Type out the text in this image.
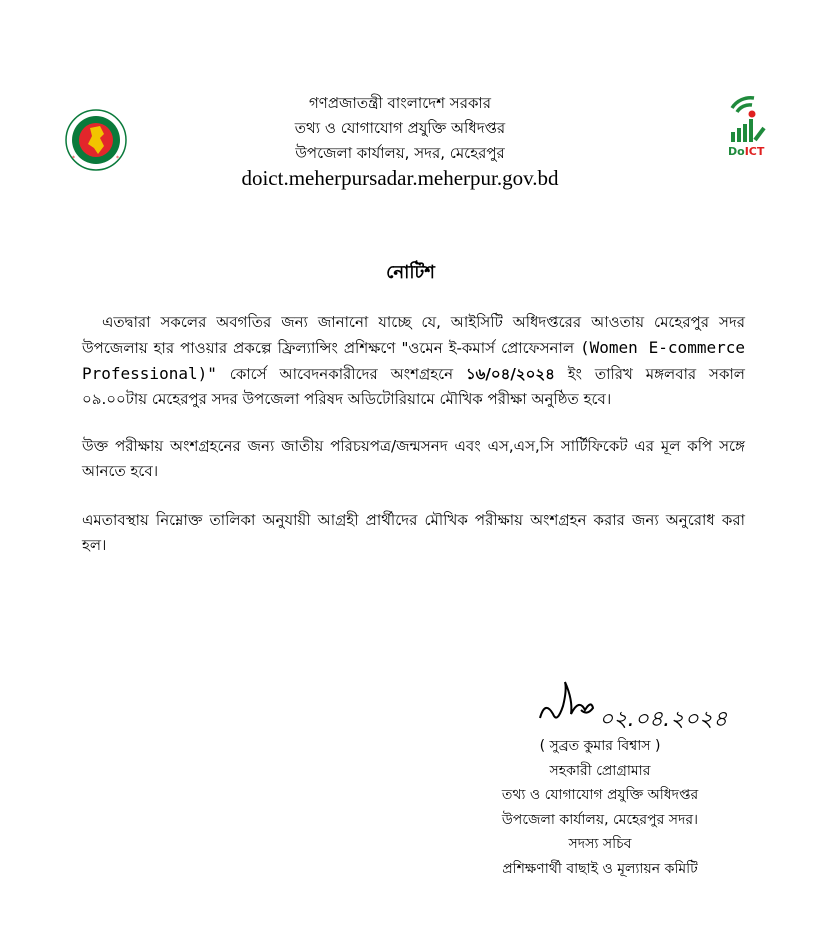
*
*
DoICT
গণপ্রজাতন্ত্রী বাংলাদেশ সরকার
তথ্য ও যোগাযোগ প্রযুক্তি অধিদপ্তর
উপজেলা কার্যালয়, সদর, মেহেরপুর
doict.meherpursadar.meherpur.gov.bd
নোটিশ
এতদ্বারা সকলের অবগতির জন্য জানানো যাচ্ছে যে, আইসিটি অধিদপ্তরের আওতায় মেহেরপুর সদর উপজেলায় হার পাওয়ার প্রকল্পে ফ্রিল্যান্সিং প্রশিক্ষণে "ওমেন ই-কমার্স প্রোফেসনাল (Women E-commerce Professional)" কোর্সে আবেদনকারীদের অংশগ্রহনে ১৬/০৪/২০২৪ ইং তারিখ মঙ্গলবার সকাল ০৯.০০টায় মেহেরপুর সদর উপজেলা পরিষদ অডিটোরিয়ামে মৌখিক পরীক্ষা অনুষ্ঠিত হবে।
উক্ত পরীক্ষায় অংশগ্রহনের জন্য জাতীয় পরিচয়পত্র/জন্মসনদ এবং এস,এস,সি সার্টিফিকেট এর মূল কপি সঙ্গে আনতে হবে।
এমতাবস্থায় নিম্নোক্ত তালিকা অনুযায়ী আগ্রহী প্রার্থীদের মৌখিক পরীক্ষায় অংশগ্রহন করার জন্য অনুরোধ করা হল।
০২.০৪.২০২৪
( সুব্রত কুমার বিশ্বাস )
সহকারী প্রোগ্রামার
তথ্য ও যোগাযোগ প্রযুক্তি অধিদপ্তর
উপজেলা কার্যালয়, মেহেরপুর সদর।
সদস্য সচিব
প্রশিক্ষণার্থী বাছাই ও মূল্যায়ন কমিটি
